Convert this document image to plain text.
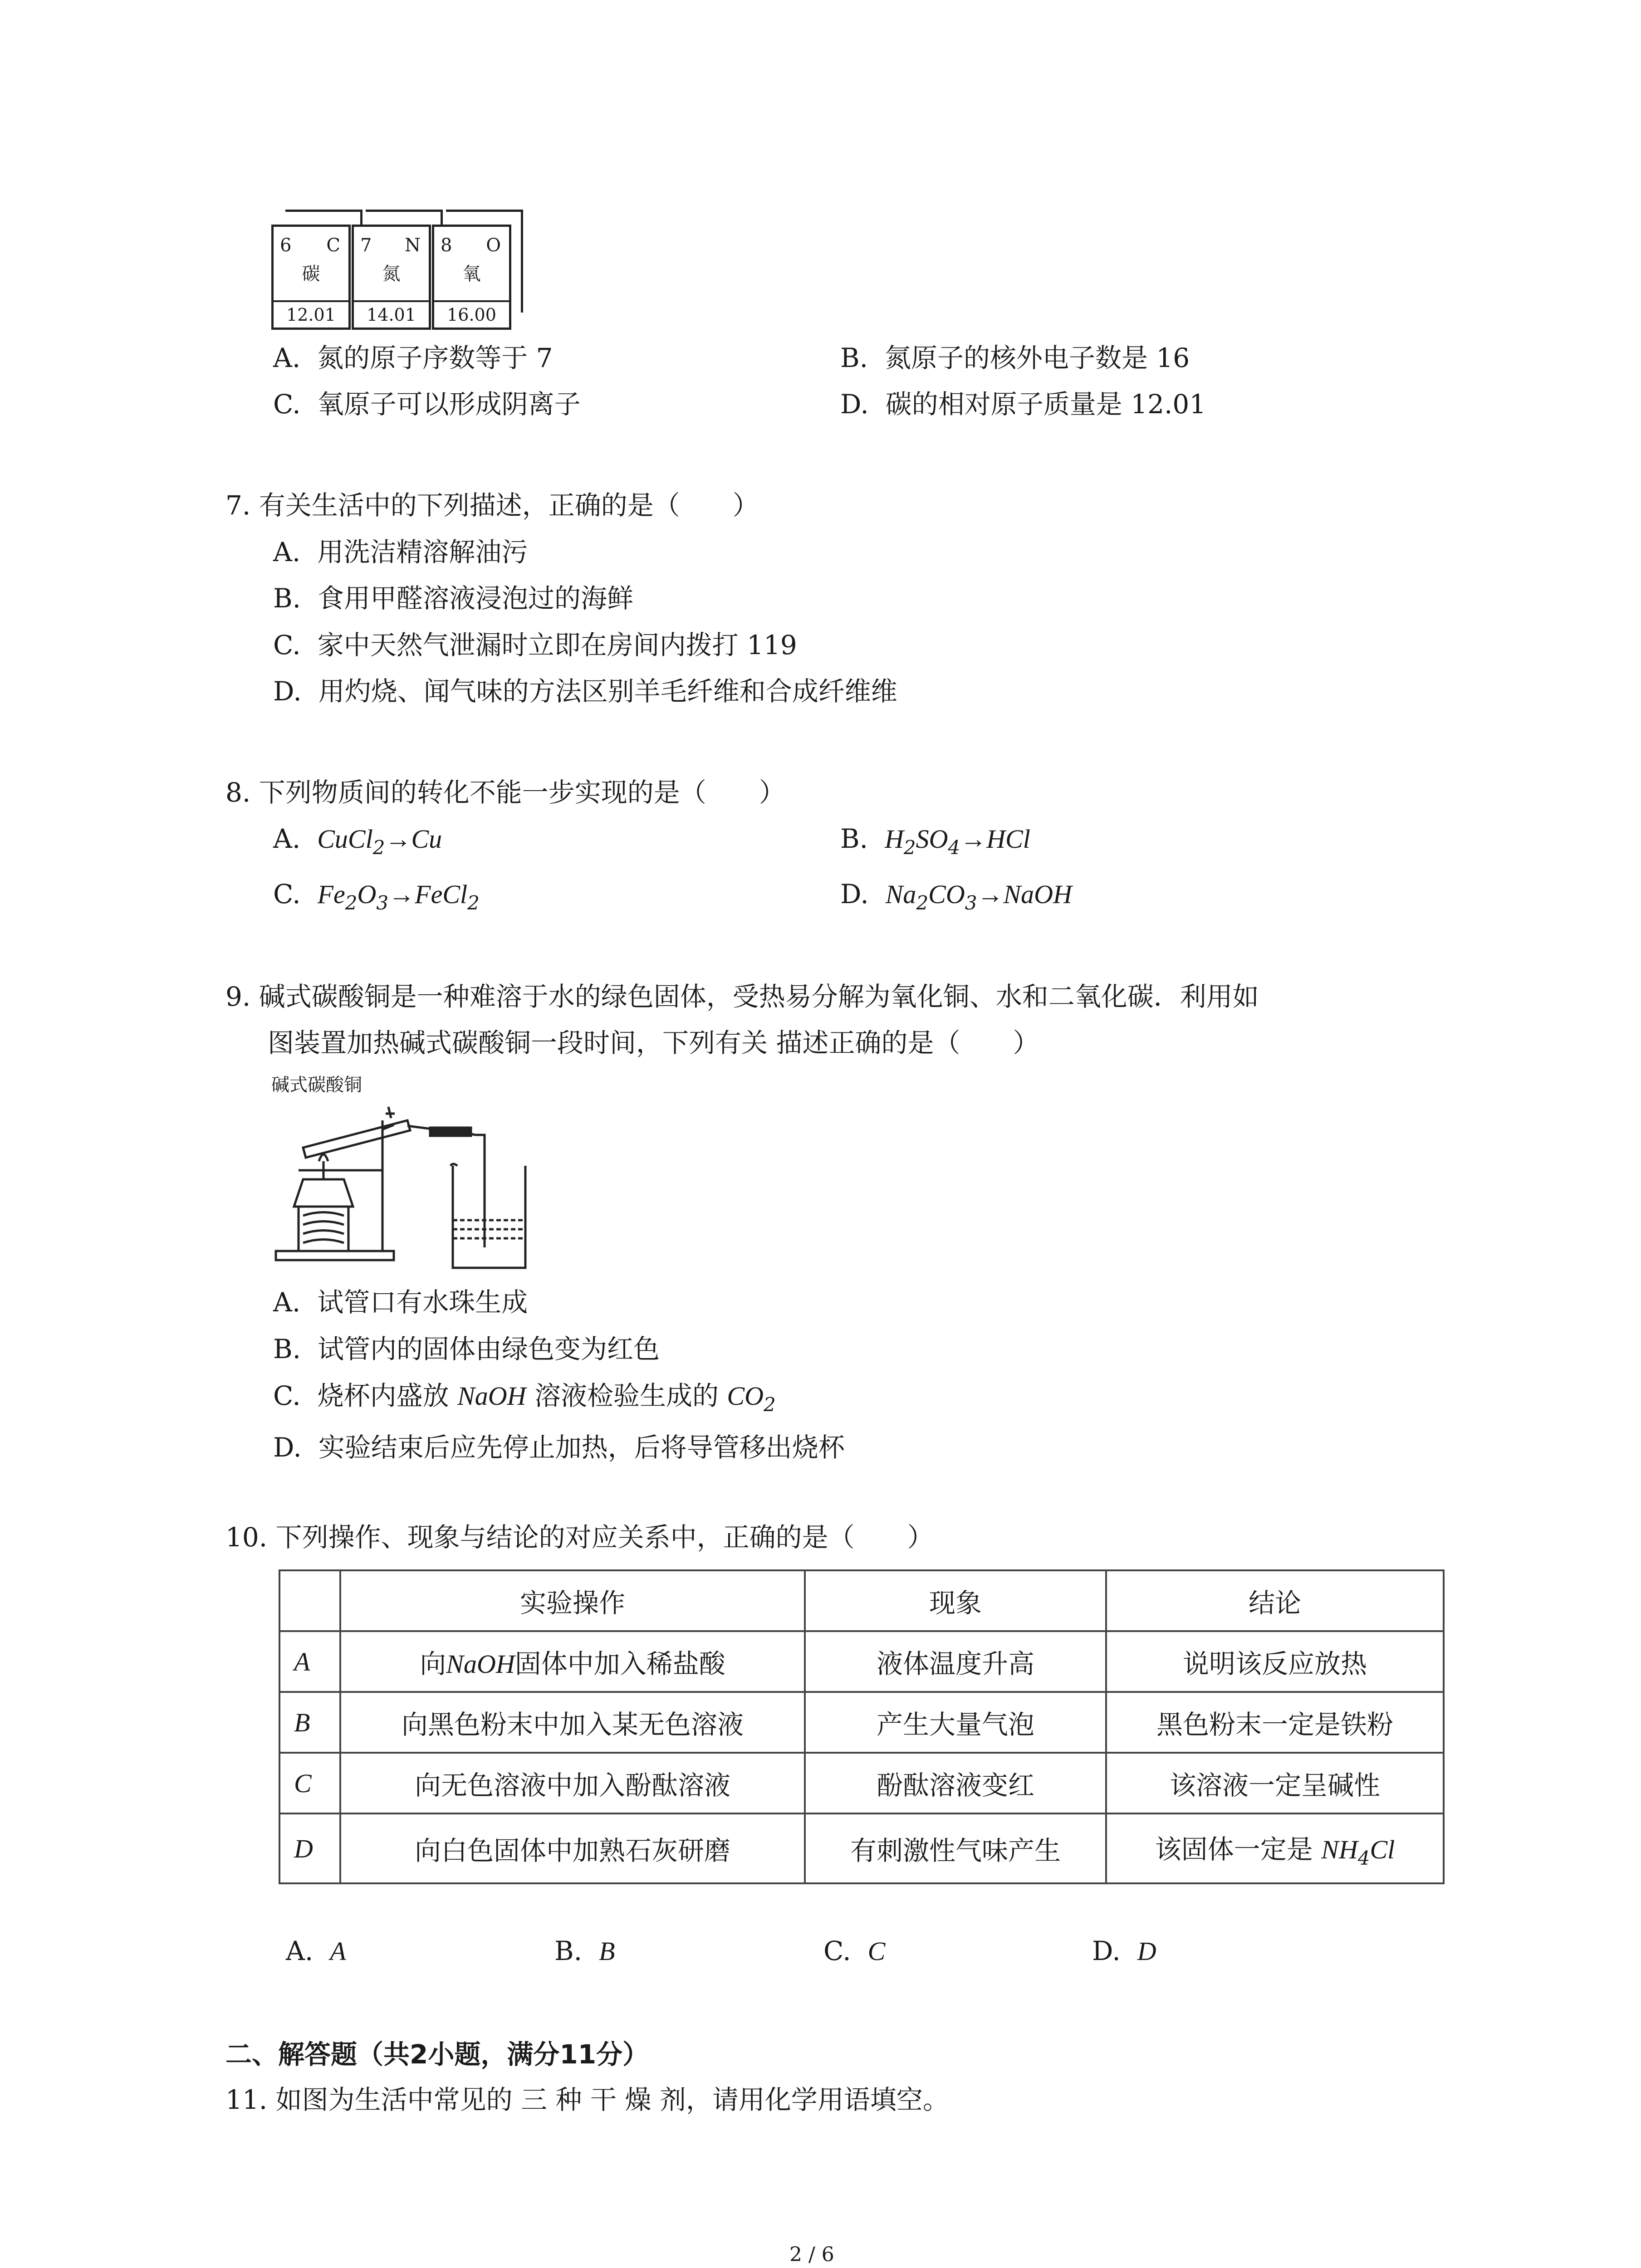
6 C
碳
12.01
7 N
氮
14.01
8 O
氧
16.00
A. 氮的原子序数等于 7	B. 氮原子的核外电子数是 16
C. 氧原子可以形成阴离子	D. 碳的相对原子质量是 12.01
7. 有关生活中的下列描述，正确的是（　　）
A. 用洗洁精溶解油污
B. 食用甲醛溶液浸泡过的海鲜
C. 家中天然气泄漏时立即在房间内拨打 119
D. 用灼烧、闻气味的方法区别羊毛纤维和合成纤维维
8. 下列物质间的转化不能一步实现的是（　　）
A. CuCl$_2$→Cu	B. $H_2SO_4\to HCl$
C. $Fe_2O_3\to FeCl_2$	D. $Na_2CO_3\to NaOH$
9. 碱式碳酸铜是一种难溶于水的绿色固体，受热易分解为氧化铜、水和二氧化碳．利用如
图装置加热碱式碳酸铜一段时间，下列有关 描述正确的是（　　）
碱式碳酸铜
A. 试管口有水珠生成
B. 试管内的固体由绿色变为红色
C. 烧杯内盛放 NaOH 溶液检验生成的 $CO_2$
D. 实验结束后应先停止加热，后将导管移出烧杯
10. 下列操作、现象与结论的对应关系中，正确的是（　　）
	实验操作	现象	结论
A	向NaOH固体中加入稀盐酸	液体温度升高	说明该反应放热
B	向黑色粉末中加入某无色溶液	产生大量气泡	黑色粉末一定是铁粉
C	向无色溶液中加入酚酞溶液	酚酞溶液变红	该溶液一定呈碱性
D	向白色固体中加熟石灰研磨	有刺激性气味产生	该固体一定是 $NH_4Cl$
A. A	B. B	C. C	D. D
二、解答题（共2小题，满分11分）
11. 如图为生活中常见的 三 种 干 燥 剂，请用化学用语填空。
2 / 6
